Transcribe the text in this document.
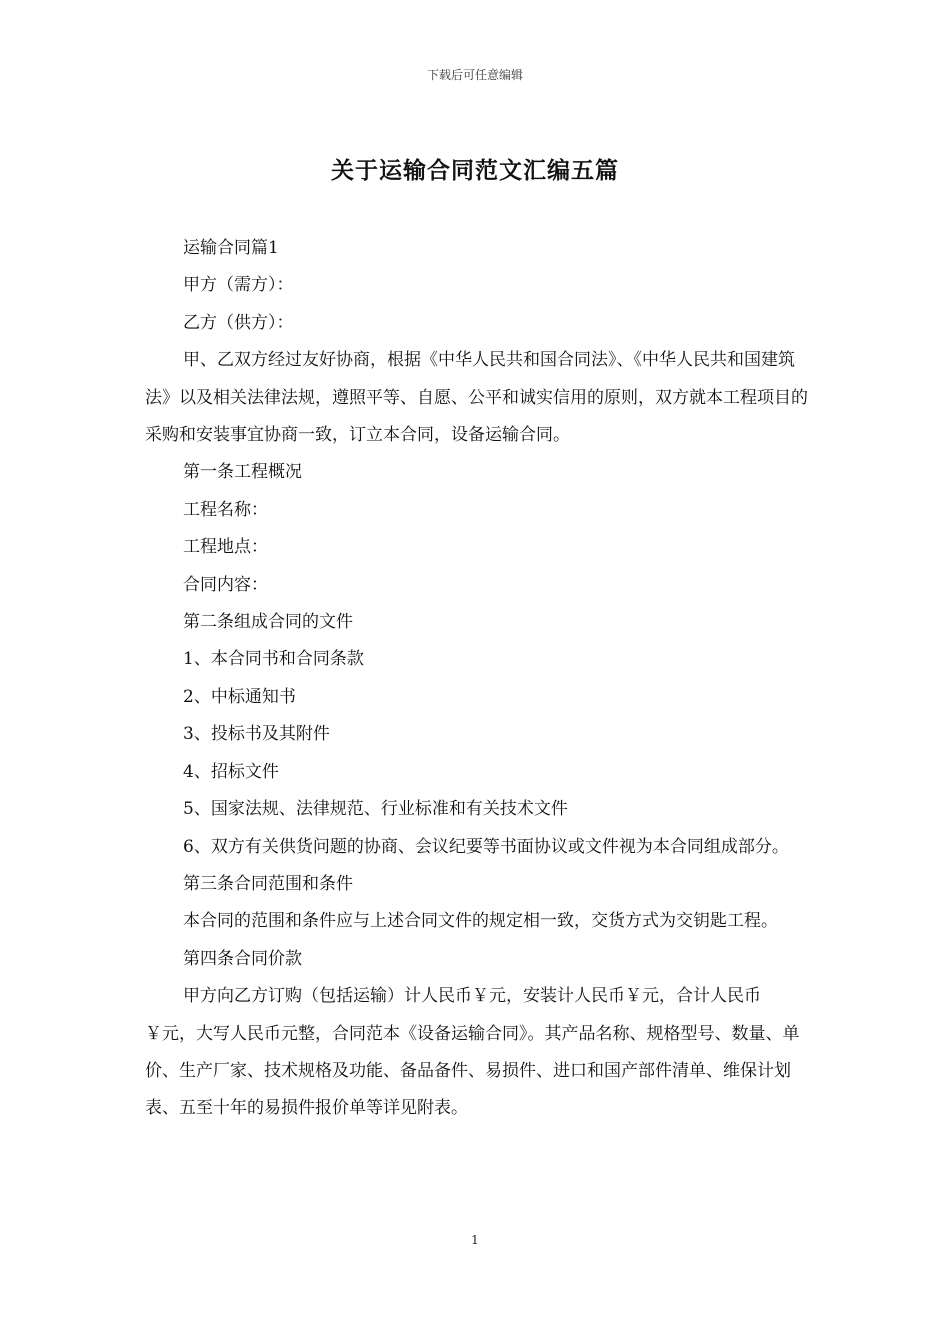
下载后可任意编辑
关于运输合同范文汇编五篇

运输合同篇1

甲方（需方）：

乙方（供方）：

甲、乙双方经过友好协商，根据《中华人民共和国合同法》、《中华人民共和国建筑法》以及相关法律法规，遵照平等、自愿、公平和诚实信用的原则，双方就本工程项目的采购和安装事宜协商一致，订立本合同，设备运输合同。

第一条工程概况

工程名称：

工程地点：

合同内容：

第二条组成合同的文件

1、本合同书和合同条款

2、中标通知书

3、投标书及其附件

4、招标文件

5、国家法规、法律规范、行业标准和有关技术文件

6、双方有关供货问题的协商、会议纪要等书面协议或文件视为本合同组成部分。

第三条合同范围和条件

本合同的范围和条件应与上述合同文件的规定相一致，交货方式为交钥匙工程。

第四条合同价款

甲方向乙方订购（包括运输）计人民币￥元，安装计人民币￥元，合计人民币￥元，大写人民币元整，合同范本《设备运输合同》。其产品名称、规格型号、数量、单价、生产厂家、技术规格及功能、备品备件、易损件、进口和国产部件清单、维保计划表、五至十年的易损件报价单等详见附表。

1
